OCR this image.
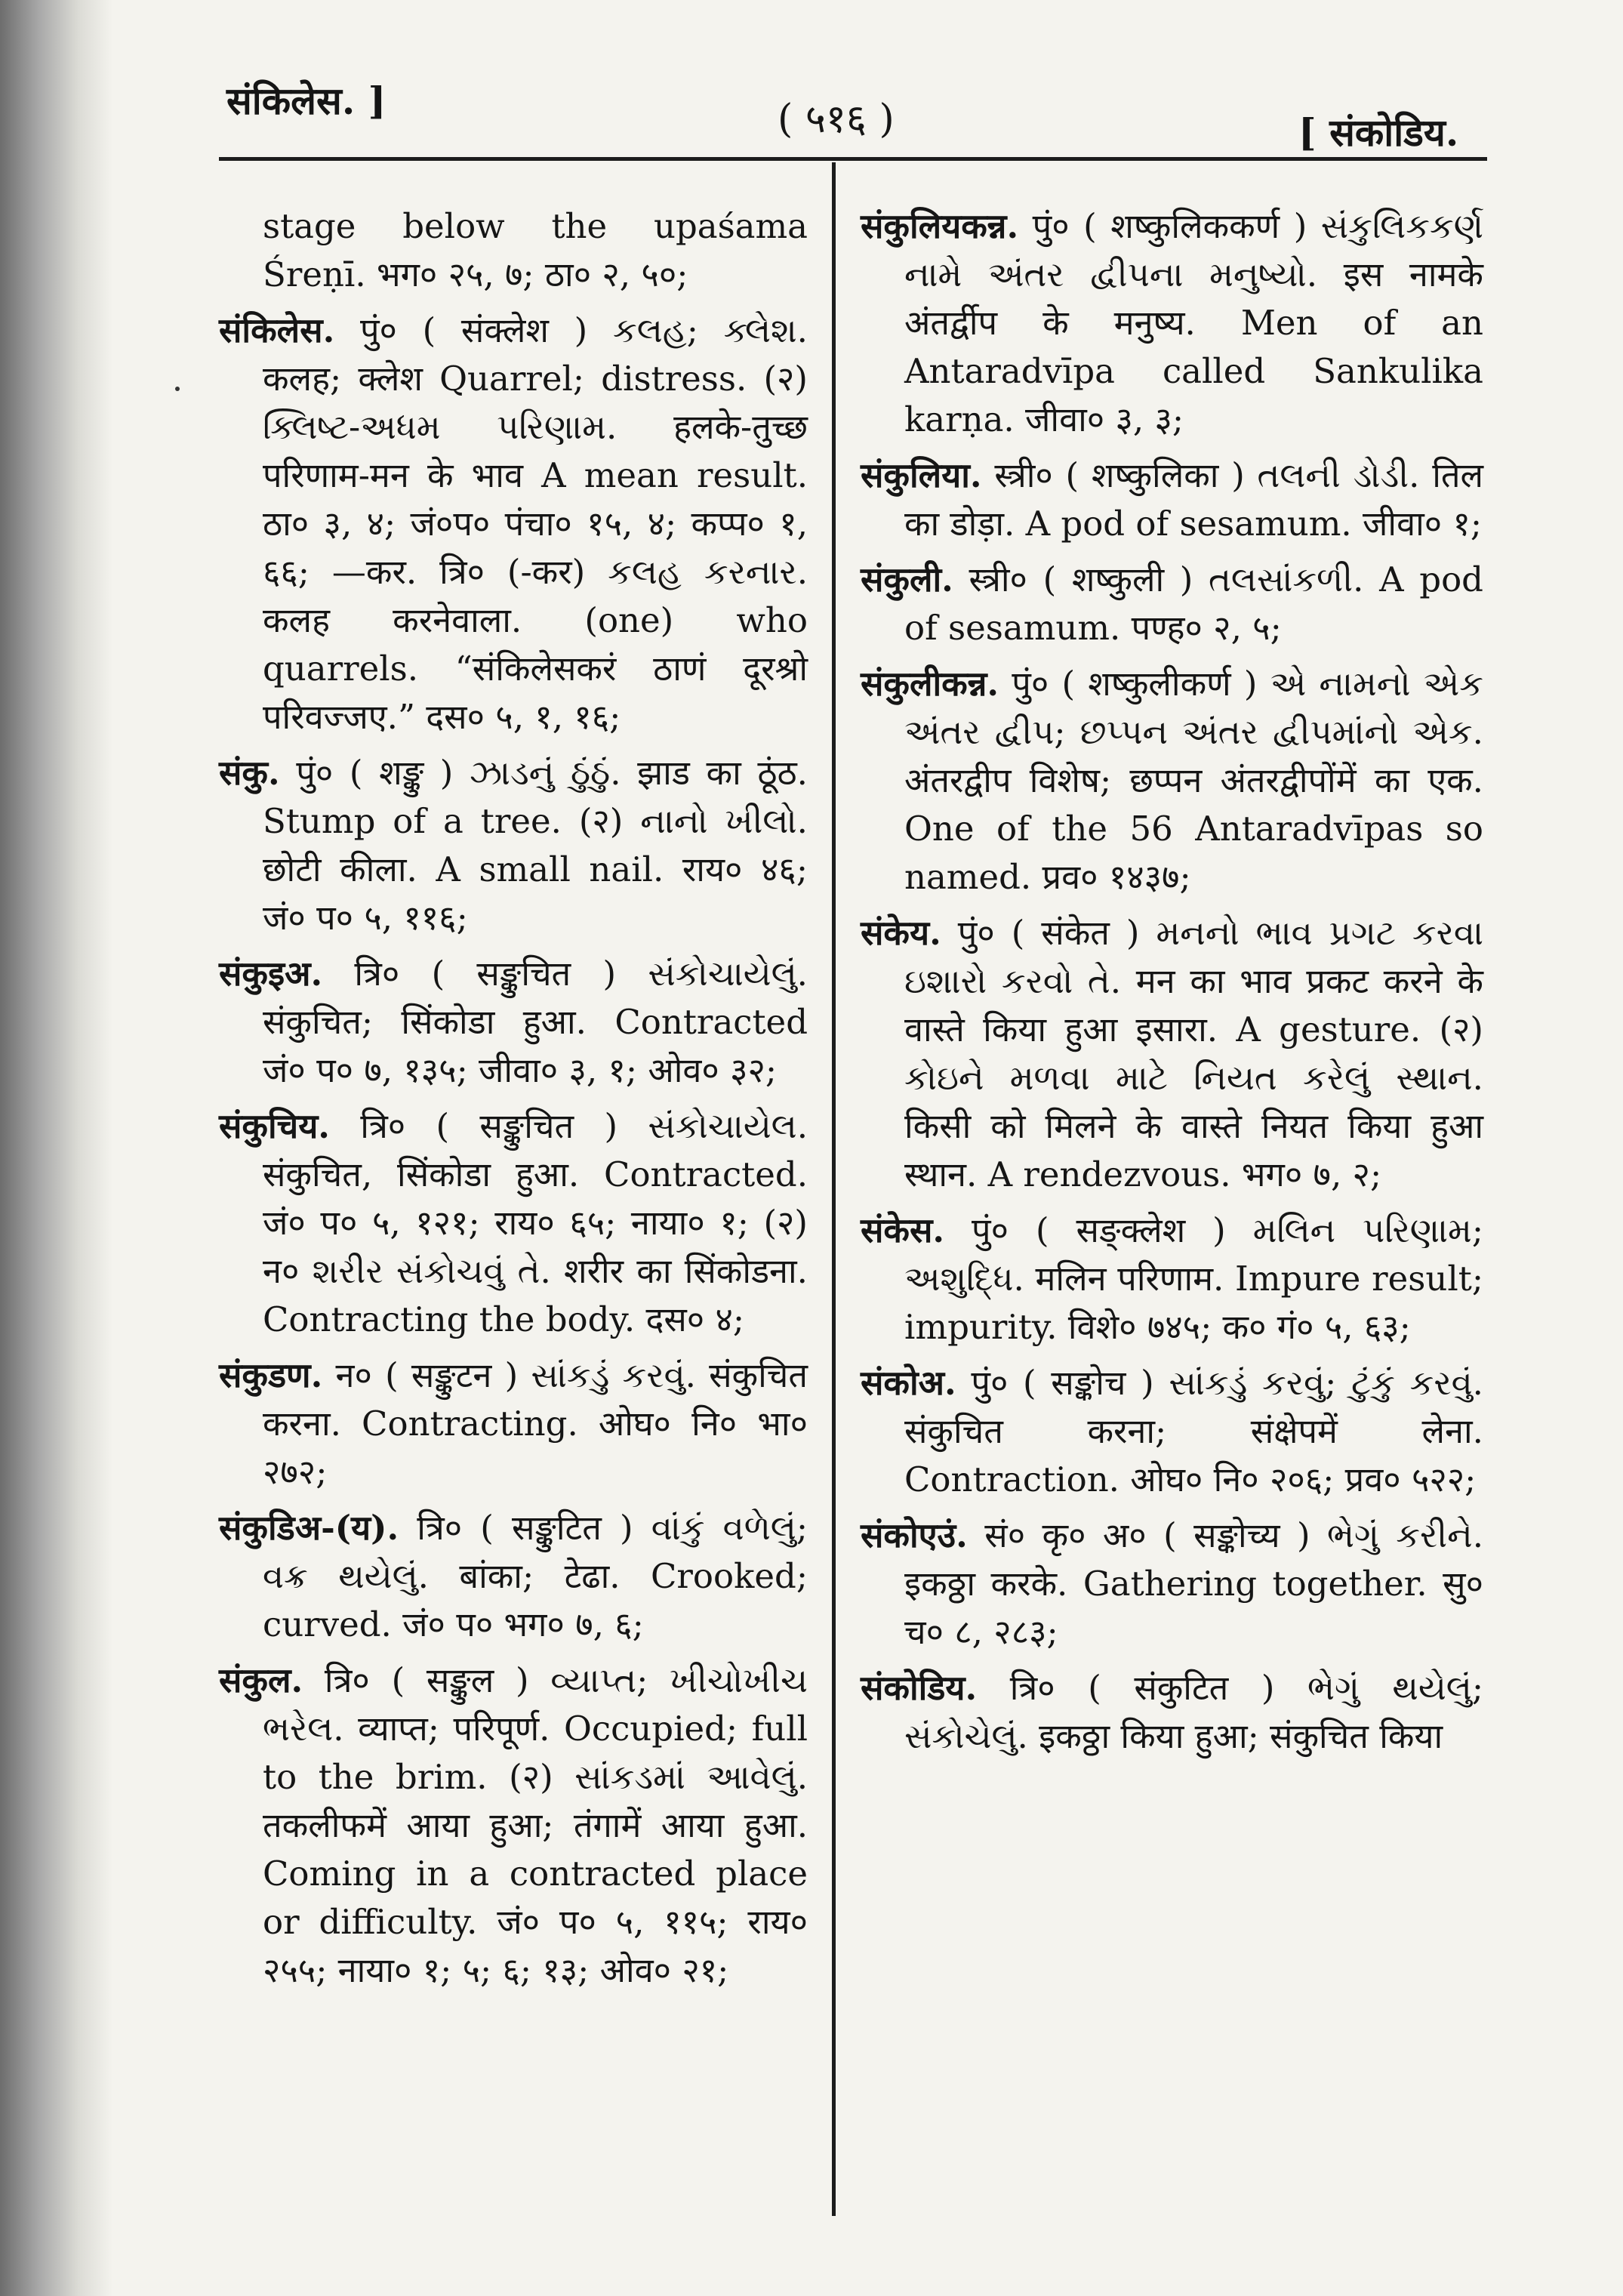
संकिलेस. ]	( ५१६ )	[ संकोडिय.

stage below the upaśama Śreṇī. भग० २५, ७; ठा० २, ५०;

संकिलेस. पुं० ( संक्लेश ) કલહ; ક્લેશ. कलह; क्लेश Quarrel; distress. (२) ક્લિષ્ટ-અધમ પરિણામ. हलके-तुच्छ परिणाम-मन के भाव A mean result. ठा० ३, ४; जं०प० पंचा० १५, ४; कप्प० १, ६६; —कर. त्रि० (-कर) કલહ કરનાર. कलह करनेवाला. (one) who quarrels. “संकिलेसकरं ठाणं दूरश्रो परिवज्जए.” दस० ५, १, १६;

संकु. पुं० ( शङ्कु ) ઝાડનું ઠુંઠું. झाड का ठूंठ. Stump of a tree. (२) નાનો ખીલો. छोटी कीला. A small nail. राय० ४६; जं० प० ५, ११६;

संकुइअ. त्रि० ( सङ्कुचित ) સંકોચાયેલું. संकुचित; सिंकोडा हुआ. Contracted जं० प० ७, १३५; जीवा० ३, १; ओव० ३२;

संकुचिय. त्रि० ( सङ्कुचित ) સંકોચાયેલ. संकुचित, सिंकोडा हुआ. Contracted. जं० प० ५, १२१; राय० ६५; नाया० १; (२) न० શરીર સંકોચવું તે. शरीर का सिंकोडना. Contracting the body. दस० ४;

संकुडण. न० ( सङ्कुटन ) સાંકડું કરવું. संकुचित करना. Contracting. ओघ० नि० भा० २७२;

संकुडिअ-(य). त्रि० ( सङ्कुटित ) વાંકું વળેલું; વક્ર થયેલું. बांका; टेढा. Crooked; curved. जं० प० भग० ७, ६;

संकुल. त्रि० ( सङ्कुल ) વ્યાપ્ત; ખીચોખીચ ભરેલ. व्याप्त; परिपूर्ण. Occupied; full to the brim. (२) સાંકડમાં આવેલું. तकलीफमें आया हुआ; तंगामें आया हुआ. Coming in a contracted place or difficulty. जं० प० ५, ११५; राय० २५५; नाया० १; ५; ६; १३; ओव० २१;

संकुलियकन्न. पुं० ( शष्कुलिककर्ण ) સંકુલિકકર્ણ નામે અંતર દ્વીપના મનુષ્યો. इस नामके अंतर्द्वीप के मनुष्य. Men of an Antaradvīpa called Sankulika karṇa. जीवा० ३, ३;

संकुलिया. स्त्री० ( शष्कुलिका ) તલની ડોડી. तिल का डोड़ा. A pod of sesamum. जीवा० १;

संकुली. स्त्री० ( शष्कुली ) તલસાંકળી. A pod of sesamum. पण्ह० २, ५;

संकुलीकन्न. पुं० ( शष्कुलीकर्ण ) એ નામનો એક અંતર દ્વીપ; છપ્પન અંતર દ્વીપમાંનો એક. अंतरद्वीप विशेष; छप्पन अंतरद्वीपोंमें का एक. One of the 56 Antaradvīpas so named. प्रव० १४३७;

संकेय. पुं० ( संकेत ) મનનો ભાવ પ્રગટ કરવા ઇશારો કરવો તે. मन का भाव प्रकट करने के वास्ते किया हुआ इसारा. A gesture. (२) કોઇને મળવા માટે નિયત કરેલું સ્થાન. किसी को मिलने के वास्ते नियत किया हुआ स्थान. A rendezvous. भग० ७, २;

संकेस. पुं० ( सङ्क्लेश ) મલિન પરિણામ; અશુદ્ધિ. मलिन परिणाम. Impure result; impurity. विशे० ७४५; क० गं० ५, ६३;

संकोअ. पुं० ( सङ्कोच ) સાંકડું કરવું; ટુંકું કરવું. संकुचित करना; संक्षेपमें लेना. Contraction. ओघ० नि० २०६; प्रव० ५२२;

संकोएउं. सं० कृ० अ० ( सङ्कोच्य ) ભેગું કરીને. इकठ्ठा करके. Gathering together. सु० च० ८, २८३;

संकोडिय. त्रि० ( संकुटित ) ભેગું થયેલું; સંકોચેલું. इकठ्ठा किया हुआ; संकुचित किया
